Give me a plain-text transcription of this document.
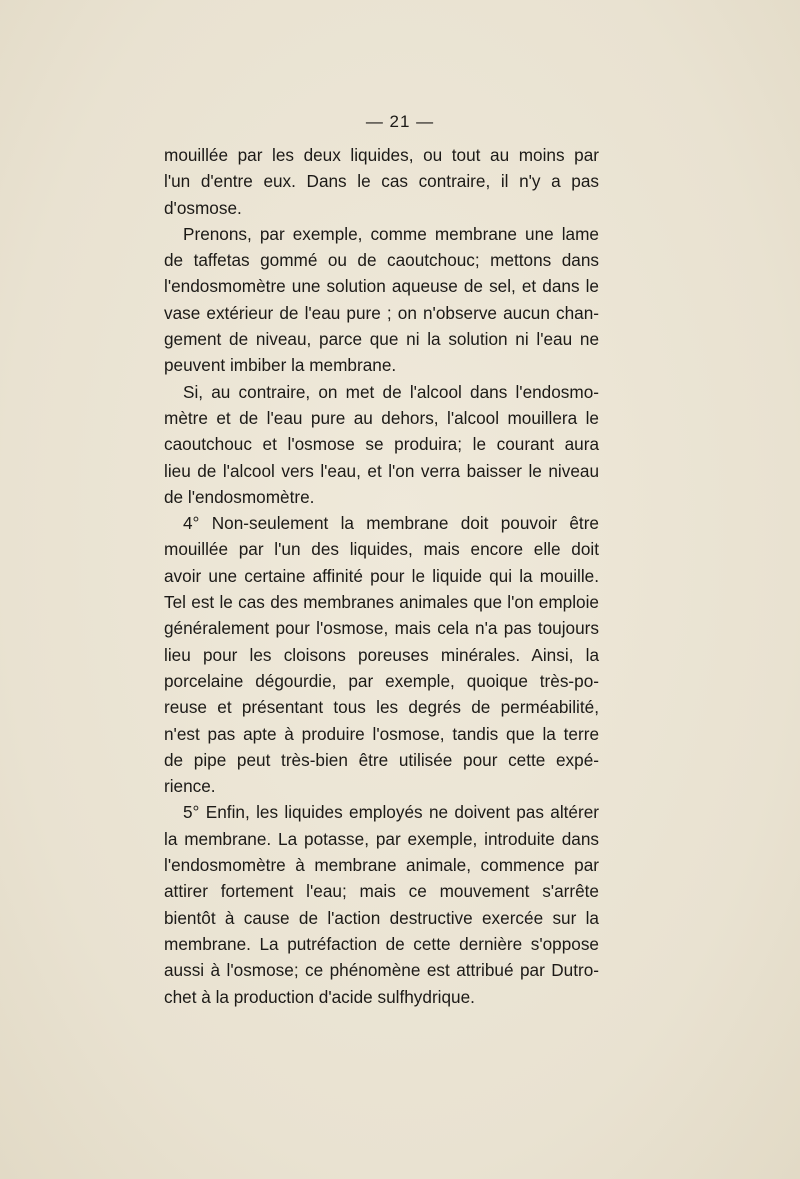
— 21 —
mouillée par les deux liquides, ou tout au moins par
l'un d'entre eux. Dans le cas contraire, il n'y a pas
d'osmose.
Prenons, par exemple, comme membrane une lame
de taffetas gommé ou de caoutchouc; mettons dans
l'endosmomètre une solution aqueuse de sel, et dans le
vase extérieur de l'eau pure ; on n'observe aucun chan-
gement de niveau, parce que ni la solution ni l'eau ne
peuvent imbiber la membrane.
Si, au contraire, on met de l'alcool dans l'endosmo-
mètre et de l'eau pure au dehors, l'alcool mouillera le
caoutchouc et l'osmose se produira; le courant aura
lieu de l'alcool vers l'eau, et l'on verra baisser le niveau
de l'endosmomètre.
4° Non-seulement la membrane doit pouvoir être
mouillée par l'un des liquides, mais encore elle doit
avoir une certaine affinité pour le liquide qui la mouille.
Tel est le cas des membranes animales que l'on emploie
généralement pour l'osmose, mais cela n'a pas toujours
lieu pour les cloisons poreuses minérales. Ainsi, la
porcelaine dégourdie, par exemple, quoique très-po-
reuse et présentant tous les degrés de perméabilité,
n'est pas apte à produire l'osmose, tandis que la terre
de pipe peut très-bien être utilisée pour cette expé-
rience.
5° Enfin, les liquides employés ne doivent pas altérer
la membrane. La potasse, par exemple, introduite dans
l'endosmomètre à membrane animale, commence par
attirer fortement l'eau; mais ce mouvement s'arrête
bientôt à cause de l'action destructive exercée sur la
membrane. La putréfaction de cette dernière s'oppose
aussi à l'osmose; ce phénomène est attribué par Dutro-
chet à la production d'acide sulfhydrique.
